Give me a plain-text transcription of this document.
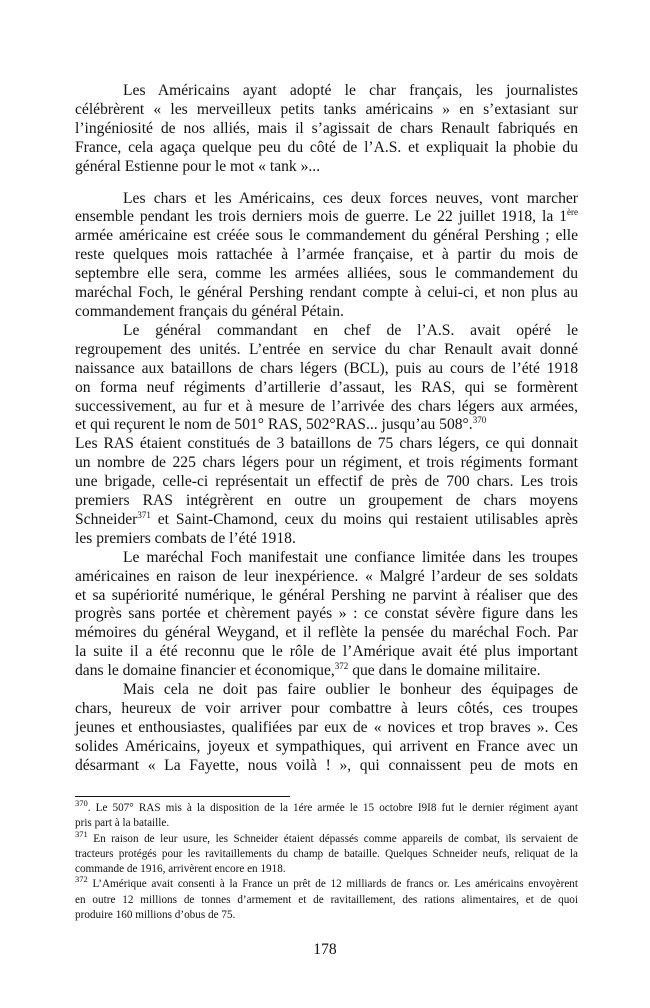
Les Américains ayant adopté le char français, les journalistes
célébrèrent « les merveilleux petits tanks américains » en s’extasiant sur
l’ingéniosité de nos alliés, mais il s’agissait de chars Renault fabriqués en
France, cela agaça quelque peu du côté de l’A.S. et expliquait la phobie du
général Estienne pour le mot « tank »...
Les chars et les Américains, ces deux forces neuves, vont marcher
ensemble pendant les trois derniers mois de guerre. Le 22 juillet 1918, la 1ère
armée américaine est créée sous le commandement du général Pershing ; elle
reste quelques mois rattachée à l’armée française, et à partir du mois de
septembre elle sera, comme les armées alliées, sous le commandement du
maréchal Foch, le général Pershing rendant compte à celui-ci, et non plus au
commandement français du général Pétain.
Le général commandant en chef de l’A.S. avait opéré le
regroupement des unités. L’entrée en service du char Renault avait donné
naissance aux bataillons de chars légers (BCL), puis au cours de l’été 1918
on forma neuf régiments d’artillerie d’assaut, les RAS, qui se formèrent
successivement, au fur et à mesure de l’arrivée des chars légers aux armées,
et qui reçurent le nom de 501° RAS, 502°RAS... jusqu’au 508°.$^{370}$
Les RAS étaient constitués de 3 bataillons de 75 chars légers, ce qui donnait
un nombre de 225 chars légers pour un régiment, et trois régiments formant
une brigade, celle-ci représentait un effectif de près de 700 chars. Les trois
premiers RAS intégrèrent en outre un groupement de chars moyens
Schneider$^{371}$ et Saint-Chamond, ceux du moins qui restaient utilisables après
les premiers combats de l’été 1918.
Le maréchal Foch manifestait une confiance limitée dans les troupes
américaines en raison de leur inexpérience. « Malgré l’ardeur de ses soldats
et sa supériorité numérique, le général Pershing ne parvint à réaliser que des
progrès sans portée et chèrement payés » : ce constat sévère figure dans les
mémoires du général Weygand, et il reflète la pensée du maréchal Foch. Par
la suite il a été reconnu que le rôle de l’Amérique avait été plus important
dans le domaine financier et économique,$^{372}$ que dans le domaine militaire.
Mais cela ne doit pas faire oublier le bonheur des équipages de
chars, heureux de voir arriver pour combattre à leurs côtés, ces troupes
jeunes et enthousiastes, qualifiées par eux de « novices et trop braves ». Ces
solides Américains, joyeux et sympathiques, qui arrivent en France avec un
désarmant « La Fayette, nous voilà ! », qui connaissent peu de mots en
$^{370}$. Le 507° RAS mis à la disposition de la 1ére armée le 15 octobre I9I8 fut le dernier régiment ayant
pris part à la bataille.
$^{371}$ En raison de leur usure, les Schneider étaient dépassés comme appareils de combat, ils servaient de
tracteurs protégés pour les ravitaillements du champ de bataille. Quelques Schneider neufs, reliquat de la
commande de 1916, arrivèrent encore en 1918.
$^{372}$ L’Amérique avait consenti à la France un prêt de 12 milliards de francs or. Les américains envoyèrent
en outre 12 millions de tonnes d’armement et de ravitaillement, des rations alimentaires, et de quoi
produire 160 millions d’obus de 75.
178
